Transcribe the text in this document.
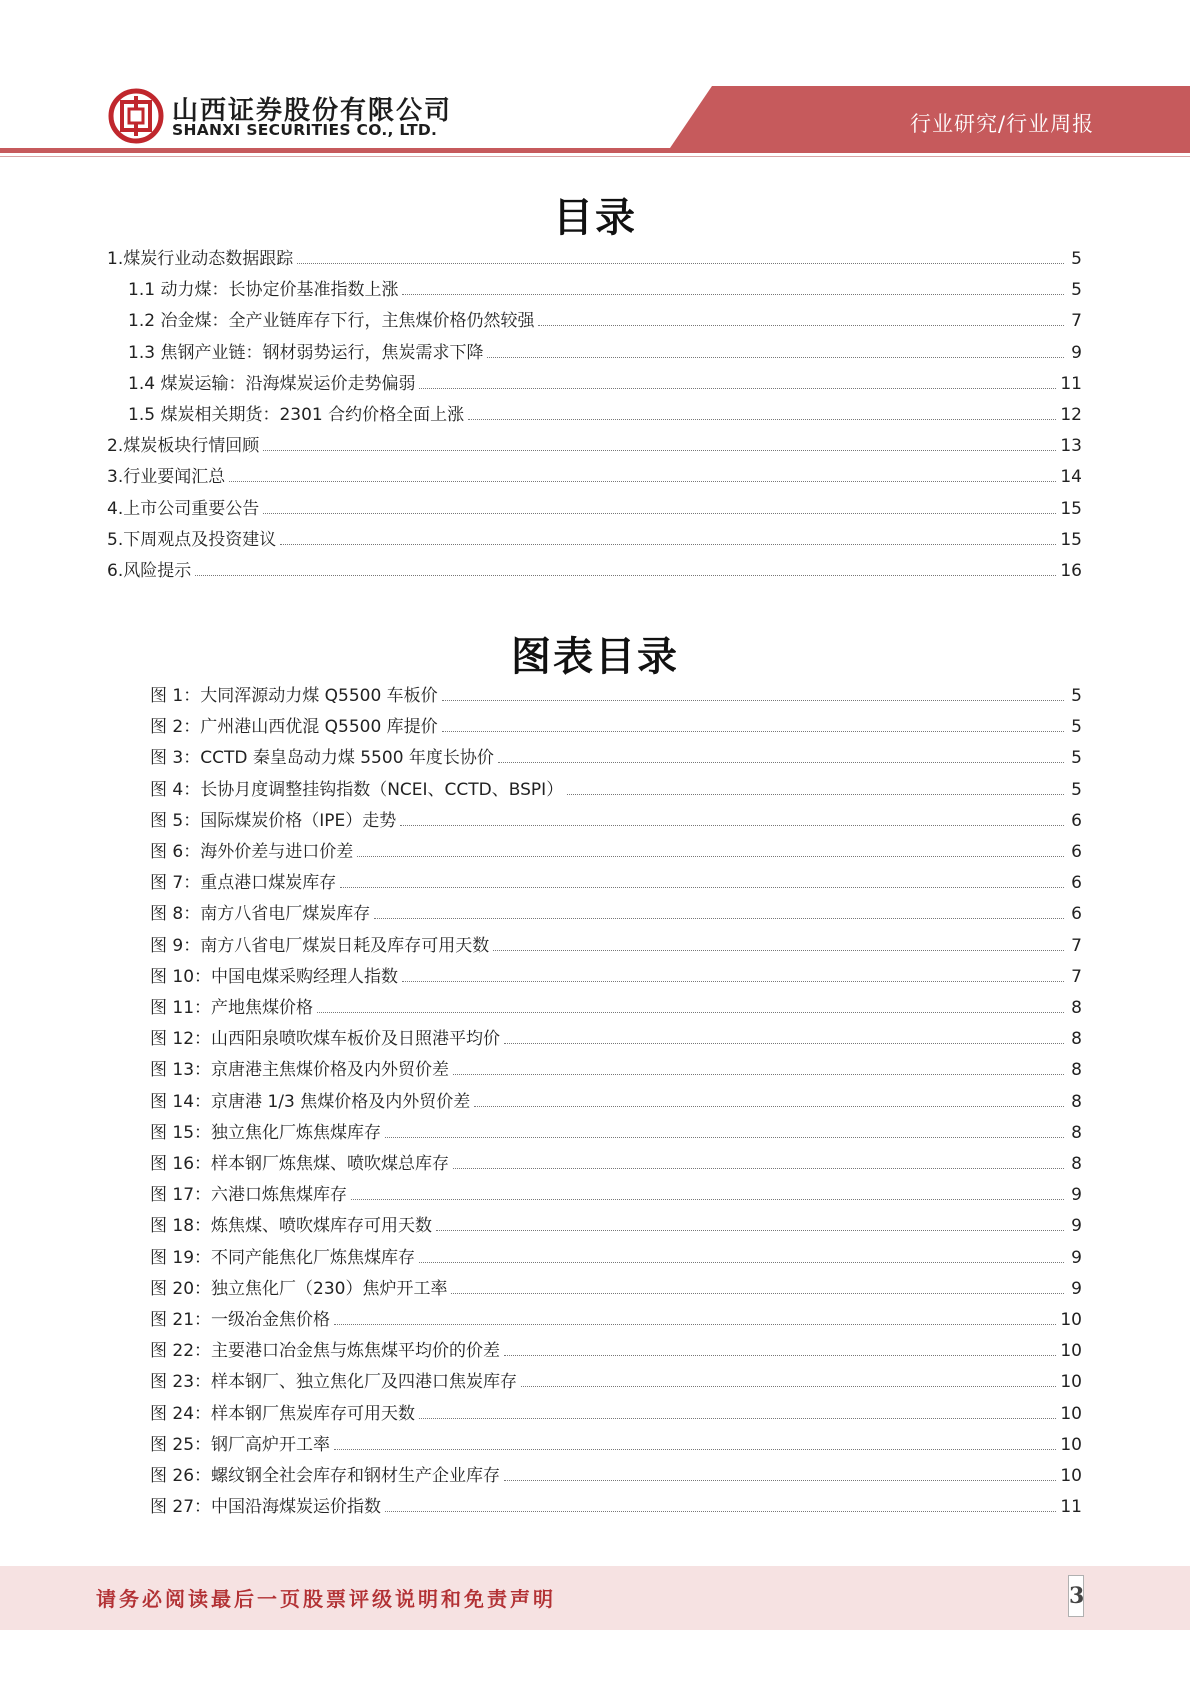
山西证券股份有限公司
SHANXI SECURITIES CO., LTD.	行业研究/行业周报
目录
1.煤炭行业动态数据跟踪	5
1.1 动力煤：长协定价基准指数上涨	5
1.2 冶金煤：全产业链库存下行，主焦煤价格仍然较强	7
1.3 焦钢产业链：钢材弱势运行，焦炭需求下降	9
1.4 煤炭运输：沿海煤炭运价走势偏弱	11
1.5 煤炭相关期货：2301 合约价格全面上涨	12
2.煤炭板块行情回顾	13
3.行业要闻汇总	14
4.上市公司重要公告	15
5.下周观点及投资建议	15
6.风险提示	16
图表目录
图 1：大同浑源动力煤 Q5500 车板价	5
图 2：广州港山西优混 Q5500 库提价	5
图 3：CCTD 秦皇岛动力煤 5500 年度长协价	5
图 4：长协月度调整挂钩指数（NCEI、CCTD、BSPI）	5
图 5：国际煤炭价格（IPE）走势	6
图 6：海外价差与进口价差	6
图 7：重点港口煤炭库存	6
图 8：南方八省电厂煤炭库存	6
图 9：南方八省电厂煤炭日耗及库存可用天数	7
图 10：中国电煤采购经理人指数	7
图 11：产地焦煤价格	8
图 12：山西阳泉喷吹煤车板价及日照港平均价	8
图 13：京唐港主焦煤价格及内外贸价差	8
图 14：京唐港 1/3 焦煤价格及内外贸价差	8
图 15：独立焦化厂炼焦煤库存	8
图 16：样本钢厂炼焦煤、喷吹煤总库存	8
图 17：六港口炼焦煤库存	9
图 18：炼焦煤、喷吹煤库存可用天数	9
图 19：不同产能焦化厂炼焦煤库存	9
图 20：独立焦化厂（230）焦炉开工率	9
图 21：一级冶金焦价格	10
图 22：主要港口冶金焦与炼焦煤平均价的价差	10
图 23：样本钢厂、独立焦化厂及四港口焦炭库存	10
图 24：样本钢厂焦炭库存可用天数	10
图 25：钢厂高炉开工率	10
图 26：螺纹钢全社会库存和钢材生产企业库存	10
图 27：中国沿海煤炭运价指数	11
请务必阅读最后一页股票评级说明和免责声明	3
